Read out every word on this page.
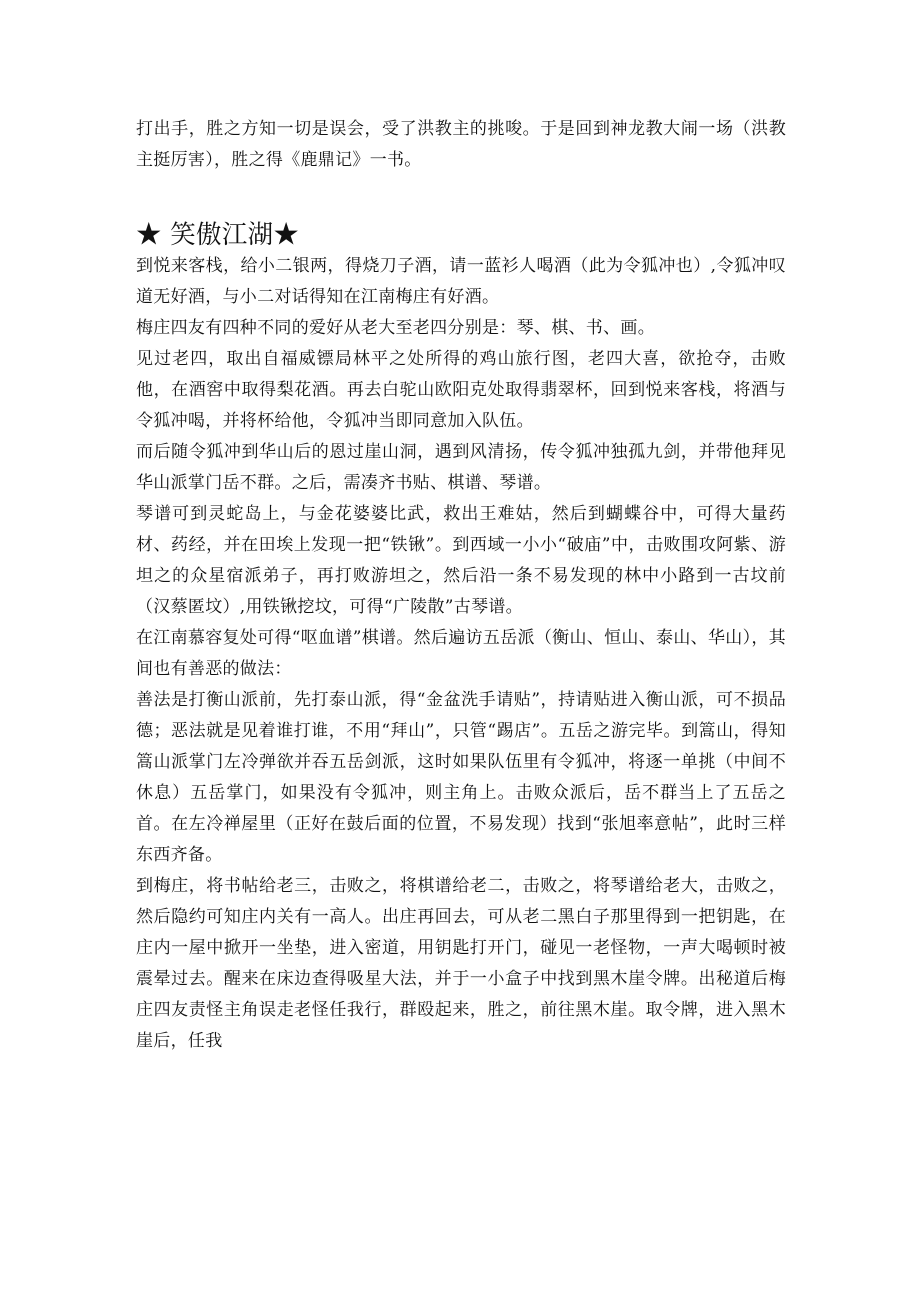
打出手，胜之方知一切是误会，受了洪教主的挑唆。于是回到神龙教大闹一场（洪教主挺厉害），胜之得《鹿鼎记》一书。

★ 笑傲江湖★

到悦来客栈，给小二银两，得烧刀子酒，请一蓝衫人喝酒（此为令狐冲也）,令狐冲叹道无好酒，与小二对话得知在江南梅庄有好酒。

梅庄四友有四种不同的爱好从老大至老四分别是：琴、棋、书、画。

见过老四，取出自福威镖局林平之处所得的鸡山旅行图，老四大喜，欲抢夺，击败他，在酒窖中取得梨花酒。再去白驼山欧阳克处取得翡翠杯，回到悦来客栈，将酒与令狐冲喝，并将杯给他，令狐冲当即同意加入队伍。

而后随令狐冲到华山后的恩过崖山洞，遇到风清扬，传令狐冲独孤九剑，并带他拜见华山派掌门岳不群。之后，需凑齐书贴、棋谱、琴谱。

琴谱可到灵蛇岛上，与金花婆婆比武，救出王难姑，然后到蝴蝶谷中，可得大量药材、药经，并在田埃上发现一把“铁锹”。到西域一小小“破庙”中，击败围攻阿紫、游坦之的众星宿派弟子，再打败游坦之，然后沿一条不易发现的林中小路到一古坟前（汉蔡匿坟）,用铁锹挖坟，可得“广陵散”古琴谱。

在江南慕容复处可得“呕血谱”棋谱。然后遍访五岳派（衡山、恒山、泰山、华山），其间也有善恶的做法：

善法是打衡山派前，先打泰山派，得“金盆洗手请贴”，持请贴进入衡山派，可不损品德；恶法就是见着谁打谁，不用“拜山”，只管“踢店”。五岳之游完毕。到篙山，得知篙山派掌门左冷弹欲并吞五岳剑派，这时如果队伍里有令狐冲，将逐一单挑（中间不休息）五岳掌门，如果没有令狐冲，则主角上。击败众派后，岳不群当上了五岳之首。在左冷禅屋里（正好在鼓后面的位置，不易发现）找到“张旭率意帖”，此时三样东西齐备。

到梅庄，将书帖给老三，击败之，将棋谱给老二，击败之，将琴谱给老大，击败之，然后隐约可知庄内关有一高人。出庄再回去，可从老二黑白子那里得到一把钥匙，在庄内一屋中掀开一坐垫，进入密道，用钥匙打开门，碰见一老怪物，一声大喝顿时被震晕过去。醒来在床边查得吸星大法，并于一小盒子中找到黑木崖令牌。出秘道后梅庄四友责怪主角误走老怪任我行，群殴起来，胜之，前往黑木崖。取令牌，进入黑木崖后，任我
